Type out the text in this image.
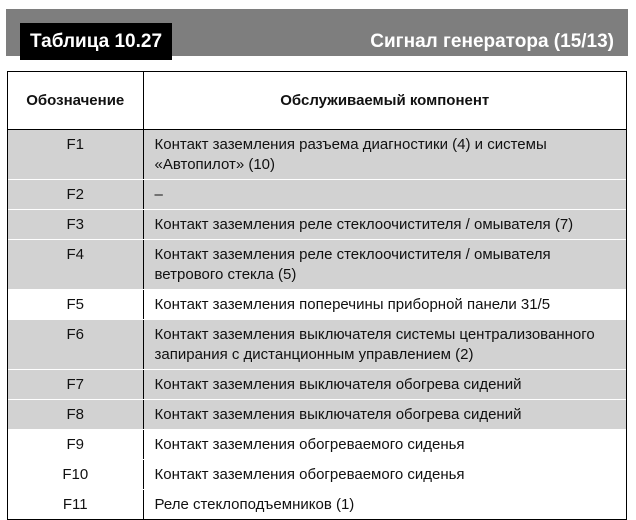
Таблица 10.27	Сигнал генератора (15/13)
Обозначение	Обслуживаемый компонент
F1	Контакт заземления разъема диагностики (4) и системы «Автопилот» (10)
F2	–
F3	Контакт заземления реле стеклоочистителя / омывателя (7)
F4	Контакт заземления реле стеклоочистителя / омывателя ветрового стекла (5)
F5	Контакт заземления поперечины приборной панели 31/5
F6	Контакт заземления выключателя системы централизованного запирания с дистанционным управлением (2)
F7	Контакт заземления выключателя обогрева сидений
F8	Контакт заземления выключателя обогрева сидений
F9	Контакт заземления обогреваемого сиденья
F10	Контакт заземления обогреваемого сиденья
F11	Реле стеклоподъемников (1)
